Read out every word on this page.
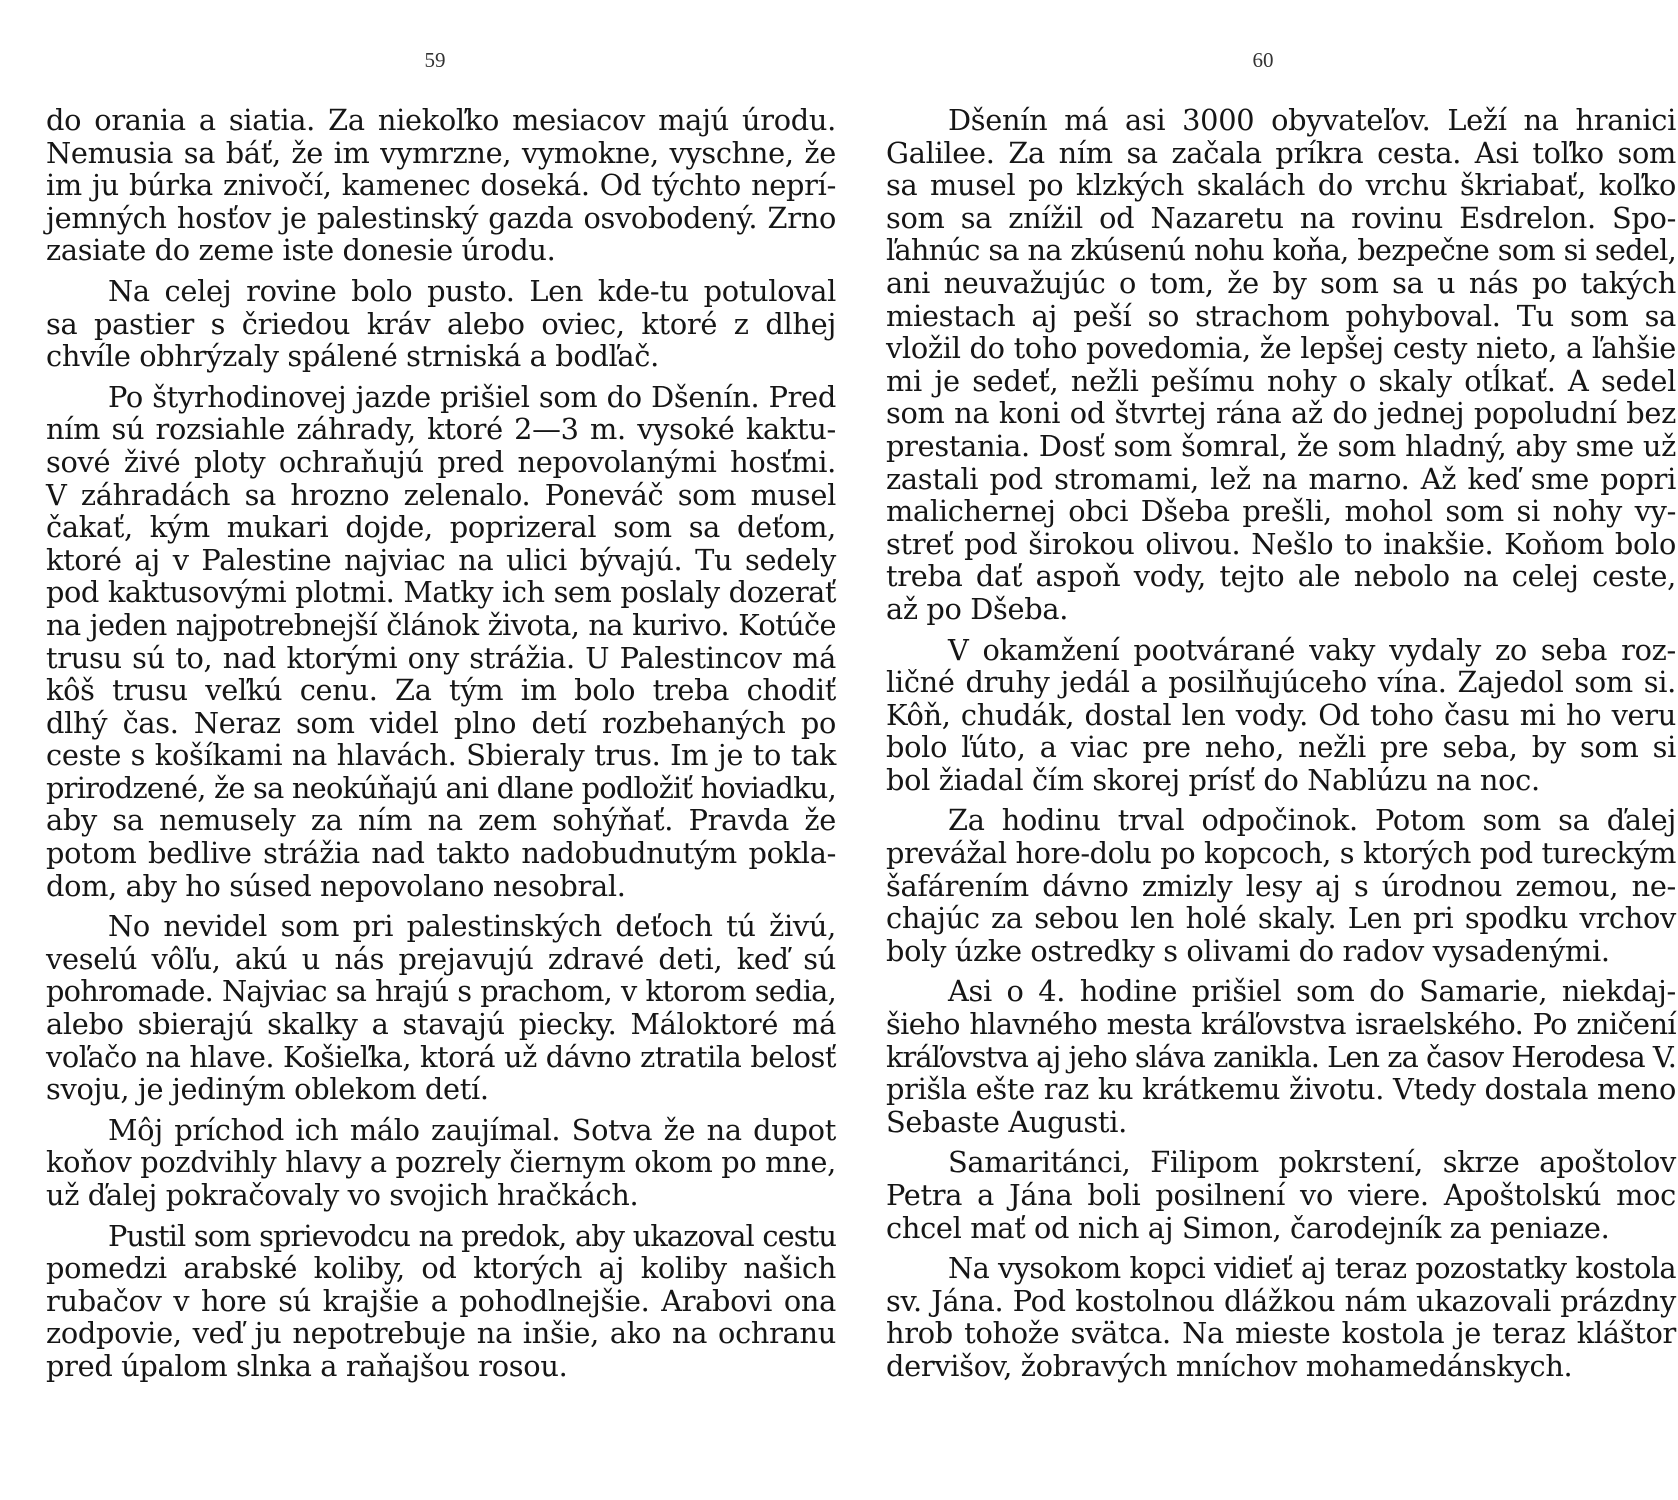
59
do orania a siatia. Za niekoľko mesiacov majú úrodu.
Nemusia sa báť, že im vymrzne, vymokne, vyschne, že
im ju búrka znivočí, kamenec doseká. Od týchto neprí-
jemných hosťov je palestinský gazda osvobodený. Zrno
zasiate do zeme iste donesie úrodu.
Na celej rovine bolo pusto. Len kde-tu potuloval
sa pastier s čriedou kráv alebo oviec, ktoré z dlhej
chvíle obhrýzaly spálené strniská a bodľač.
Po štyrhodinovej jazde prišiel som do Dšenín. Pred
ním sú rozsiahle záhrady, ktoré 2—3 m. vysoké kaktu-
sové živé ploty ochraňujú pred nepovolanými hosťmi.
V záhradách sa hrozno zelenalo. Poneváč som musel
čakať, kým mukari dojde, poprizeral som sa deťom,
ktoré aj v Palestine najviac na ulici bývajú. Tu sedely
pod kaktusovými plotmi. Matky ich sem poslaly dozerať
na jeden najpotrebnejší článok života, na kurivo. Kotúče
trusu sú to, nad ktorými ony strážia. U Palestincov má
kôš trusu veľkú cenu. Za tým im bolo treba chodiť
dlhý čas. Neraz som videl plno detí rozbehaných po
ceste s košíkami na hlavách. Sbieraly trus. Im je to tak
prirodzené, že sa neokúňajú ani dlane podložiť hoviadku,
aby sa nemusely za ním na zem sohýňať. Pravda že
potom bedlive strážia nad takto nadobudnutým pokla-
dom, aby ho súsed nepovolano nesobral.
No nevidel som pri palestinských deťoch tú živú,
veselú vôľu, akú u nás prejavujú zdravé deti, keď sú
pohromade. Najviac sa hrajú s prachom, v ktorom sedia,
alebo sbierajú skalky a stavajú piecky. Máloktoré má
voľačo na hlave. Košieľka, ktorá už dávno ztratila belosť
svoju, je jediným oblekom detí.
Môj príchod ich málo zaujímal. Sotva že na dupot
koňov pozdvihly hlavy a pozrely čiernym okom po mne,
už ďalej pokračovaly vo svojich hračkách.
Pustil som sprievodcu na predok, aby ukazoval cestu
pomedzi arabské koliby, od ktorých aj koliby našich
rubačov v hore sú krajšie a pohodlnejšie. Arabovi ona
zodpovie, veď ju nepotrebuje na inšie, ako na ochranu
pred úpalom slnka a raňajšou rosou.
60
Dšenín má asi 3000 obyvateľov. Leží na hranici
Galilee. Za ním sa začala príkra cesta. Asi toľko som
sa musel po klzkých skalách do vrchu škriabať, koľko
som sa znížil od Nazaretu na rovinu Esdrelon. Spo-
ľahnúc sa na zkúsenú nohu koňa, bezpečne som si sedel,
ani neuvažujúc o tom, že by som sa u nás po takých
miestach aj peší so strachom pohyboval. Tu som sa
vložil do toho povedomia, že lepšej cesty nieto, a ľahšie
mi je sedeť, nežli pešímu nohy o skaly otĺkať. A sedel
som na koni od štvrtej rána až do jednej popoludní bez
prestania. Dosť som šomral, že som hladný, aby sme už
zastali pod stromami, lež na marno. Až keď sme popri
malichernej obci Dšeba prešli, mohol som si nohy vy-
streť pod širokou olivou. Nešlo to inakšie. Koňom bolo
treba dať aspoň vody, tejto ale nebolo na celej ceste,
až po Dšeba.
V okamžení pootvárané vaky vydaly zo seba roz-
ličné druhy jedál a posilňujúceho vína. Zajedol som si.
Kôň, chudák, dostal len vody. Od toho času mi ho veru
bolo ľúto, a viac pre neho, nežli pre seba, by som si
bol žiadal čím skorej prísť do Nablúzu na noc.
Za hodinu trval odpočinok. Potom som sa ďalej
prevážal hore-dolu po kopcoch, s ktorých pod tureckým
šafárením dávno zmizly lesy aj s úrodnou zemou, ne-
chajúc za sebou len holé skaly. Len pri spodku vrchov
boly úzke ostredky s olivami do radov vysadenými.
Asi o 4. hodine prišiel som do Samarie, niekdaj-
šieho hlavného mesta kráľovstva israelského. Po zničení
kráľovstva aj jeho sláva zanikla. Len za časov Herodesa V.
prišla ešte raz ku krátkemu životu. Vtedy dostala meno
Sebaste Augusti.
Samaritánci, Filipom pokrstení, skrze apoštolov
Petra a Jána boli posilnení vo viere. Apoštolskú moc
chcel mať od nich aj Simon, čarodejník za peniaze.
Na vysokom kopci vidieť aj teraz pozostatky kostola
sv. Jána. Pod kostolnou dlážkou nám ukazovali prázdny
hrob tohože svätca. Na mieste kostola je teraz kláštor
dervišov, žobravých mníchov mohamedánskych.
